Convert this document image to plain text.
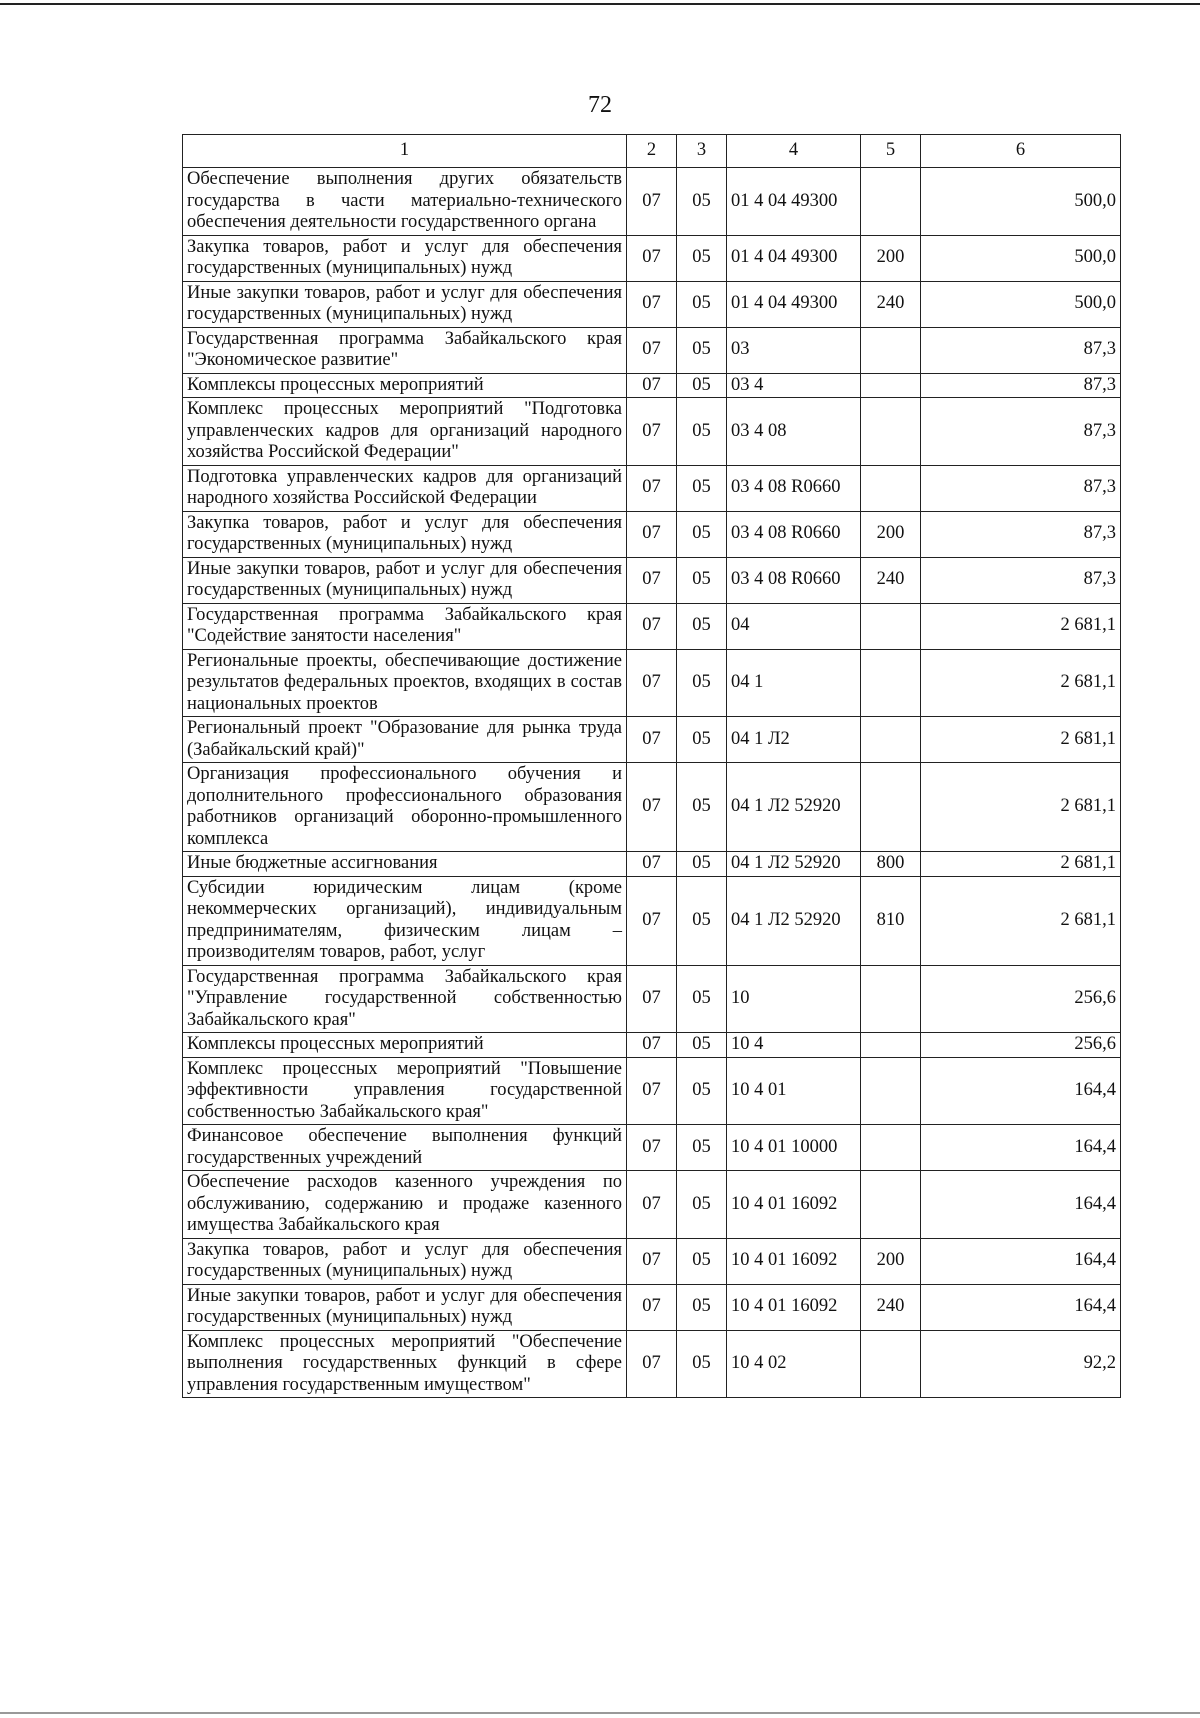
72
1	2	3	4	5	6
Обеспечение выполнения других обязательств государства в части материально-технического обеспечения деятельности государственного органа	07	05	01 4 04 49300		500,0
Закупка товаров, работ и услуг для обеспечения государственных (муниципальных) нужд	07	05	01 4 04 49300	200	500,0
Иные закупки товаров, работ и услуг для обеспечения государственных (муниципальных) нужд	07	05	01 4 04 49300	240	500,0
Государственная программа Забайкальского края "Экономическое развитие"	07	05	03		87,3
Комплексы процессных мероприятий	07	05	03 4		87,3
Комплекс процессных мероприятий "Подготовка управленческих кадров для организаций народного хозяйства Российской Федерации"	07	05	03 4 08		87,3
Подготовка управленческих кадров для организаций народного хозяйства Российской Федерации	07	05	03 4 08 R0660		87,3
Закупка товаров, работ и услуг для обеспечения государственных (муниципальных) нужд	07	05	03 4 08 R0660	200	87,3
Иные закупки товаров, работ и услуг для обеспечения государственных (муниципальных) нужд	07	05	03 4 08 R0660	240	87,3
Государственная программа Забайкальского края "Содействие занятости населения"	07	05	04		2 681,1
Региональные проекты, обеспечивающие достижение результатов федеральных проектов, входящих в состав национальных проектов	07	05	04 1		2 681,1
Региональный проект "Образование для рынка труда (Забайкальский край)"	07	05	04 1 Л2		2 681,1
Организация профессионального обучения и дополнительного профессионального образования работников организаций оборонно-промышленного комплекса	07	05	04 1 Л2 52920		2 681,1
Иные бюджетные ассигнования	07	05	04 1 Л2 52920	800	2 681,1
Субсидии юридическим лицам (кроме некоммерческих организаций), индивидуальным предпринимателям, физическим лицам – производителям товаров, работ, услуг	07	05	04 1 Л2 52920	810	2 681,1
Государственная программа Забайкальского края "Управление государственной собственностью Забайкальского края"	07	05	10		256,6
Комплексы процессных мероприятий	07	05	10 4		256,6
Комплекс процессных мероприятий "Повышение эффективности управления государственной собственностью Забайкальского края"	07	05	10 4 01		164,4
Финансовое обеспечение выполнения функций государственных учреждений	07	05	10 4 01 10000		164,4
Обеспечение расходов казенного учреждения по обслуживанию, содержанию и продаже казенного имущества Забайкальского края	07	05	10 4 01 16092		164,4
Закупка товаров, работ и услуг для обеспечения государственных (муниципальных) нужд	07	05	10 4 01 16092	200	164,4
Иные закупки товаров, работ и услуг для обеспечения государственных (муниципальных) нужд	07	05	10 4 01 16092	240	164,4
Комплекс процессных мероприятий "Обеспечение выполнения государственных функций в сфере управления государственным имуществом"	07	05	10 4 02		92,2
